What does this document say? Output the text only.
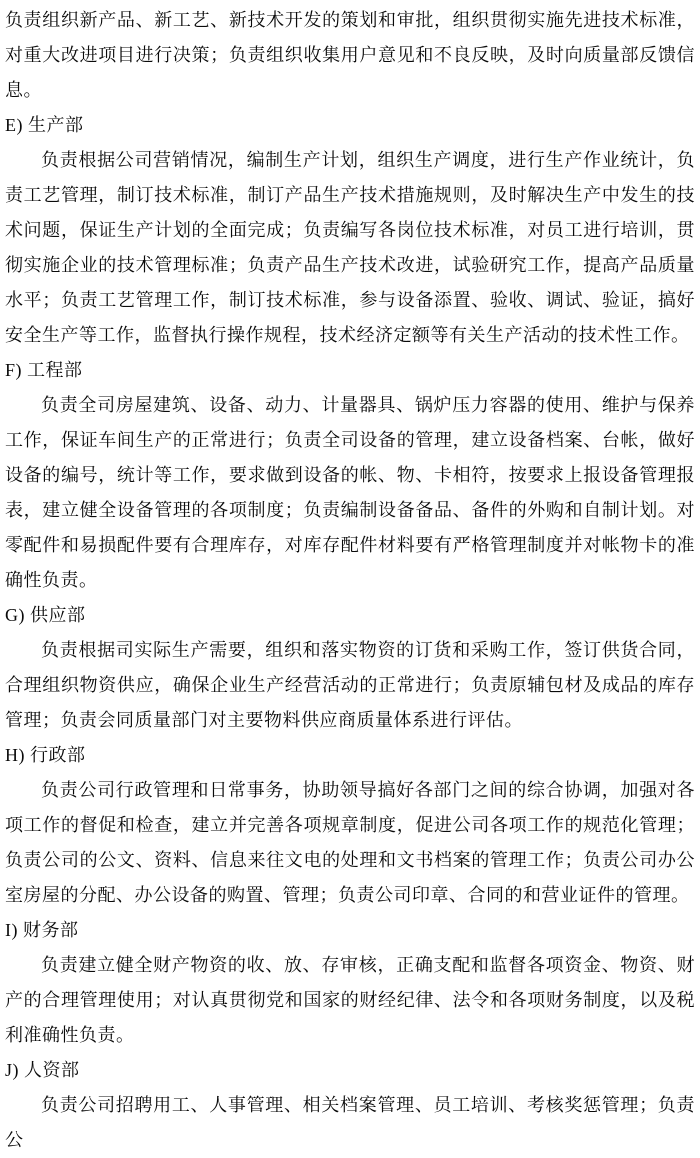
负责组织新产品、新工艺、新技术开发的策划和审批，组织贯彻实施先进技术标准，对重大改进项目进行决策；负责组织收集用户意见和不良反映，及时向质量部反馈信息。

E) 生产部

负责根据公司营销情况，编制生产计划，组织生产调度，进行生产作业统计，负责工艺管理，制订技术标准，制订产品生产技术措施规则，及时解决生产中发生的技术问题，保证生产计划的全面完成；负责编写各岗位技术标准，对员工进行培训，贯彻实施企业的技术管理标准；负责产品生产技术改进，试验研究工作，提高产品质量水平；负责工艺管理工作，制订技术标准，参与设备添置、验收、调试、验证，搞好安全生产等工作，监督执行操作规程，技术经济定额等有关生产活动的技术性工作。

F) 工程部

负责全司房屋建筑、设备、动力、计量器具、锅炉压力容器的使用、维护与保养工作，保证车间生产的正常进行；负责全司设备的管理，建立设备档案、台帐，做好设备的编号，统计等工作，要求做到设备的帐、物、卡相符，按要求上报设备管理报表，建立健全设备管理的各项制度；负责编制设备备品、备件的外购和自制计划。对零配件和易损配件要有合理库存，对库存配件材料要有严格管理制度并对帐物卡的准确性负责。

G) 供应部

负责根据司实际生产需要，组织和落实物资的订货和采购工作，签订供货合同，合理组织物资供应，确保企业生产经营活动的正常进行；负责原辅包材及成品的库存管理；负责会同质量部门对主要物料供应商质量体系进行评估。

H) 行政部

负责公司行政管理和日常事务，协助领导搞好各部门之间的综合协调，加强对各项工作的督促和检查，建立并完善各项规章制度，促进公司各项工作的规范化管理；负责公司的公文、资料、信息来往文电的处理和文书档案的管理工作；负责公司办公室房屋的分配、办公设备的购置、管理；负责公司印章、合同的和营业证件的管理。

I) 财务部

负责建立健全财产物资的收、放、存审核，正确支配和监督各项资金、物资、财产的合理管理使用；对认真贯彻党和国家的财经纪律、法令和各项财务制度，以及税利准确性负责。

J) 人资部

负责公司招聘用工、人事管理、相关档案管理、员工培训、考核奖惩管理；负责公
